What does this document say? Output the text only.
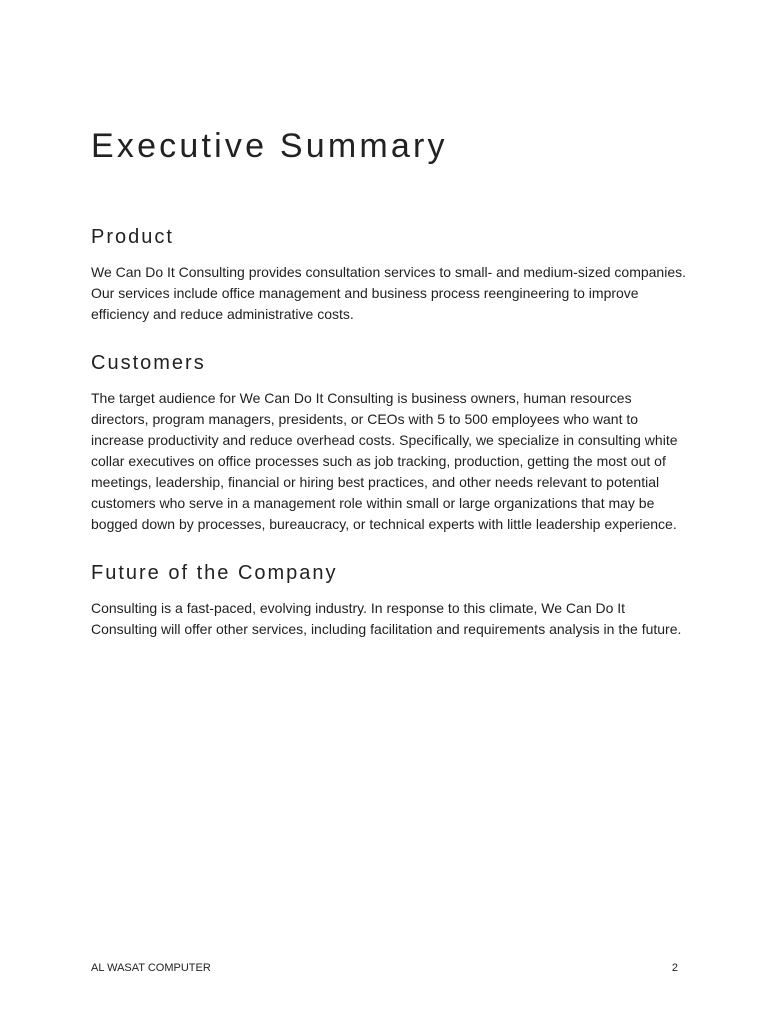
Executive Summary
Product
We Can Do It Consulting provides consultation services to small- and medium-sized companies.
Our services include office management and business process reengineering to improve
efficiency and reduce administrative costs.
Customers
The target audience for We Can Do It Consulting is business owners, human resources
directors, program managers, presidents, or CEOs with 5 to 500 employees who want to
increase productivity and reduce overhead costs. Specifically, we specialize in consulting white
collar executives on office processes such as job tracking, production, getting the most out of
meetings, leadership, financial or hiring best practices, and other needs relevant to potential
customers who serve in a management role within small or large organizations that may be
bogged down by processes, bureaucracy, or technical experts with little leadership experience.
Future of the Company
Consulting is a fast-paced, evolving industry. In response to this climate, We Can Do It
Consulting will offer other services, including facilitation and requirements analysis in the future.
AL WASAT COMPUTER	2
